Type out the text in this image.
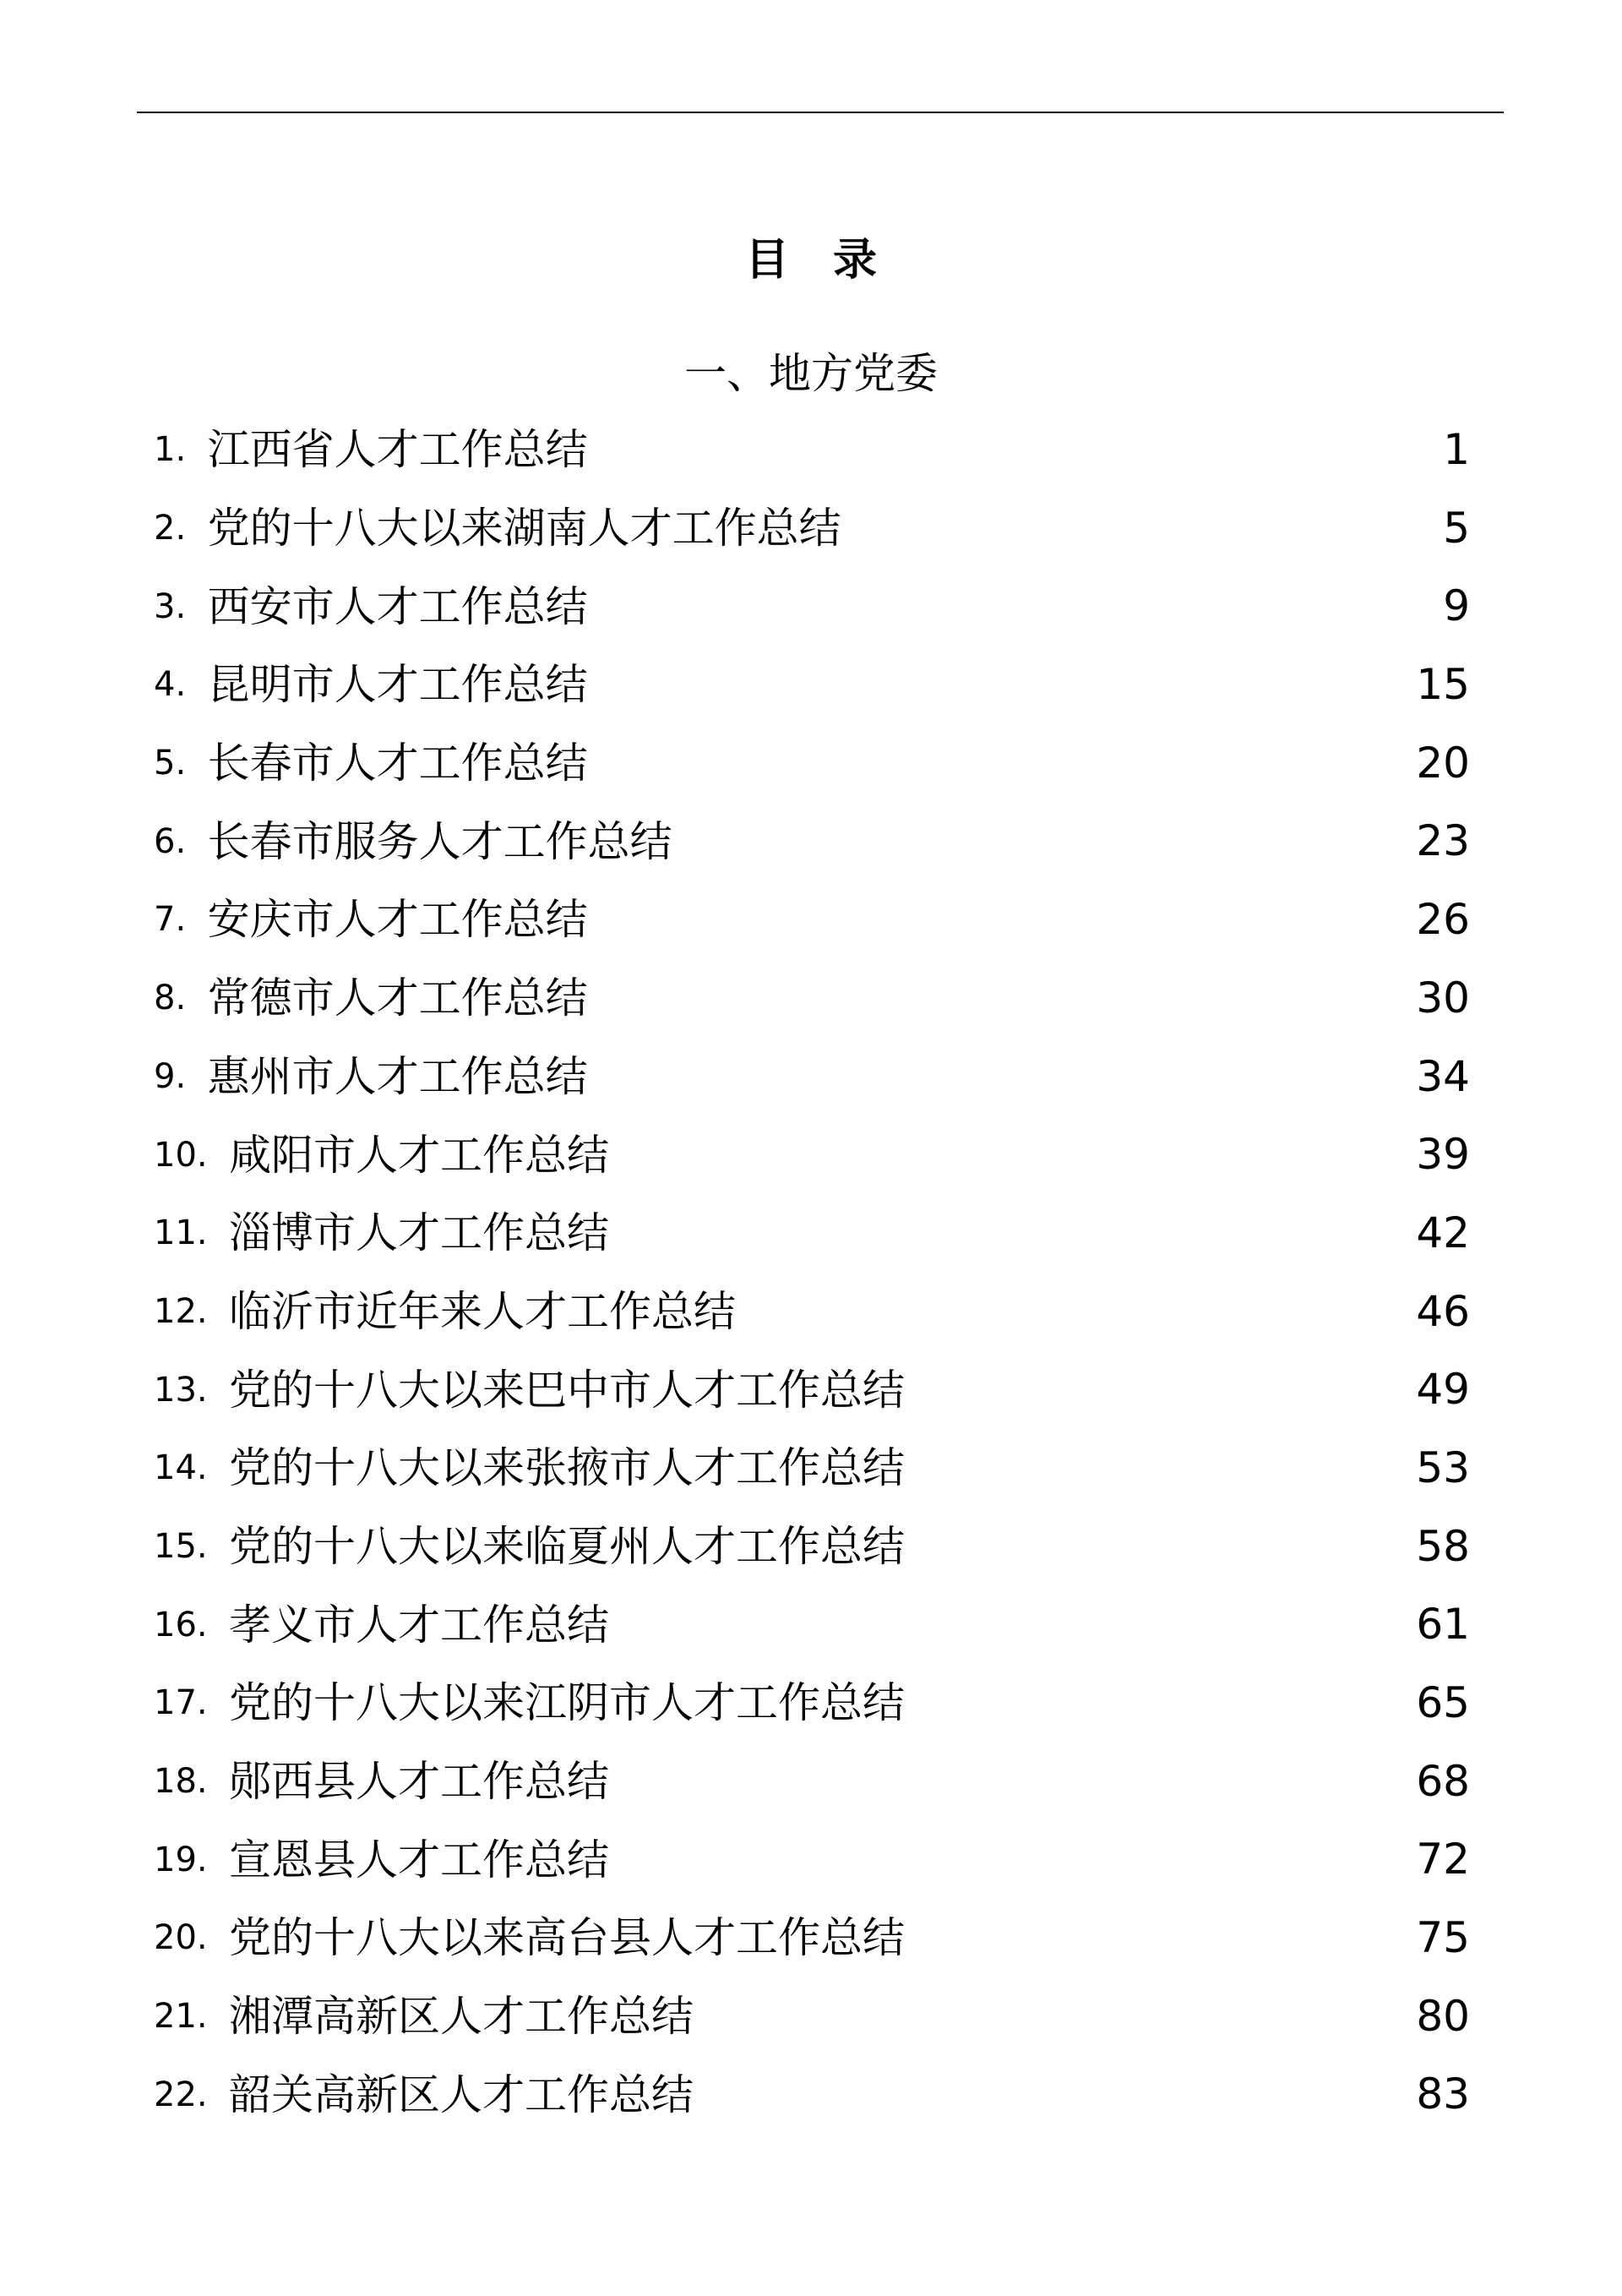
目　录
一、地方党委
1. 江西省人才工作总结	1
2. 党的十八大以来湖南人才工作总结	5
3. 西安市人才工作总结	9
4. 昆明市人才工作总结	15
5. 长春市人才工作总结	20
6. 长春市服务人才工作总结	23
7. 安庆市人才工作总结	26
8. 常德市人才工作总结	30
9. 惠州市人才工作总结	34
10. 咸阳市人才工作总结	39
11. 淄博市人才工作总结	42
12. 临沂市近年来人才工作总结	46
13. 党的十八大以来巴中市人才工作总结	49
14. 党的十八大以来张掖市人才工作总结	53
15. 党的十八大以来临夏州人才工作总结	58
16. 孝义市人才工作总结	61
17. 党的十八大以来江阴市人才工作总结	65
18. 郧西县人才工作总结	68
19. 宣恩县人才工作总结	72
20. 党的十八大以来高台县人才工作总结	75
21. 湘潭高新区人才工作总结	80
22. 韶关高新区人才工作总结	83
